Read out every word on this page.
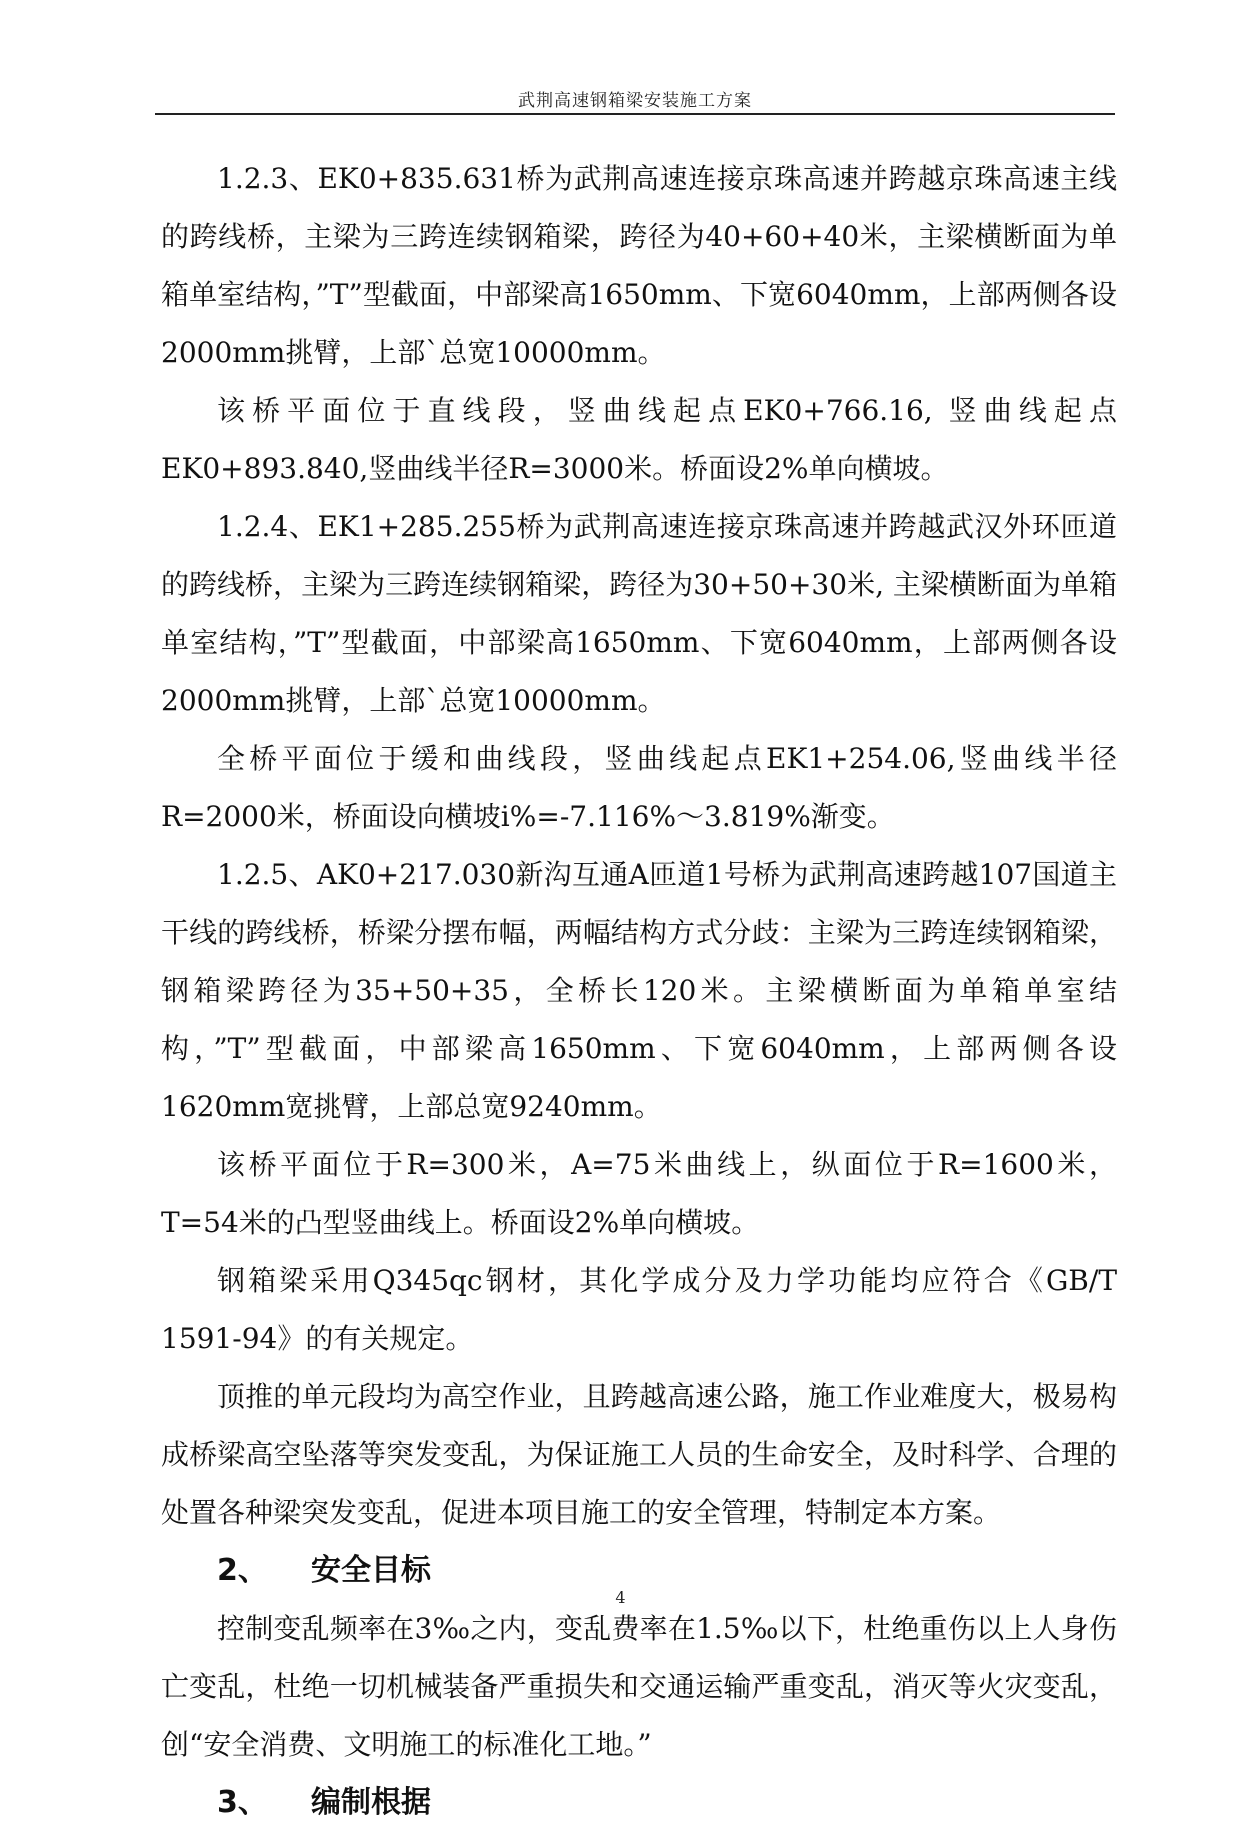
武荆高速钢箱梁安装施工方案

1.2.3、EK0+835.631桥为武荆高速连接京珠高速并跨越京珠高速主线的跨线桥，主梁为三跨连续钢箱梁，跨径为40+60+40米，主梁横断面为单箱单室结构，”T”型截面，中部梁高1650mm、下宽6040mm，上部两侧各设2000mm挑臂，上部`总宽10000mm。

该桥平面位于直线段，竖曲线起点EK0+766.16, 竖曲线起点EK0+893.840,竖曲线半径R=3000米。桥面设2%单向横坡。

1.2.4、EK1+285.255桥为武荆高速连接京珠高速并跨越武汉外环匝道的跨线桥，主梁为三跨连续钢箱梁，跨径为30+50+30米, 主梁横断面为单箱单室结构，”T”型截面，中部梁高1650mm、下宽6040mm，上部两侧各设2000mm挑臂，上部`总宽10000mm。

全桥平面位于缓和曲线段，竖曲线起点EK1+254.06,竖曲线半径R=2000米，桥面设向横坡i%=-7.116%～3.819%渐变。

1.2.5、AK0+217.030新沟互通A匝道1号桥为武荆高速跨越107国道主干线的跨线桥，桥梁分摆布幅，两幅结构方式分歧：主梁为三跨连续钢箱梁，钢箱梁跨径为35+50+35，全桥长120米。主梁横断面为单箱单室结构，”T”型截面，中部梁高1650mm、下宽6040mm，上部两侧各设1620mm宽挑臂，上部总宽9240mm。

该桥平面位于R=300米，A=75米曲线上，纵面位于R=1600米，T=54米的凸型竖曲线上。桥面设2%单向横坡。

钢箱梁采用Q345qc钢材，其化学成分及力学功能均应符合《GB/T 1591-94》的有关规定。

顶推的单元段均为高空作业，且跨越高速公路，施工作业难度大，极易构成桥梁高空坠落等突发变乱，为保证施工人员的生命安全，及时科学、合理的处置各种梁突发变乱，促进本项目施工的安全管理，特制定本方案。

2、 安全目标

控制变乱频率在3‰之内，变乱费率在1.5‰以下，杜绝重伤以上人身伤亡变乱，杜绝一切机械装备严重损失和交通运输严重变乱，消灭等火灾变乱，创“安全消费、文明施工的标准化工地。”

3、 编制根据
4
